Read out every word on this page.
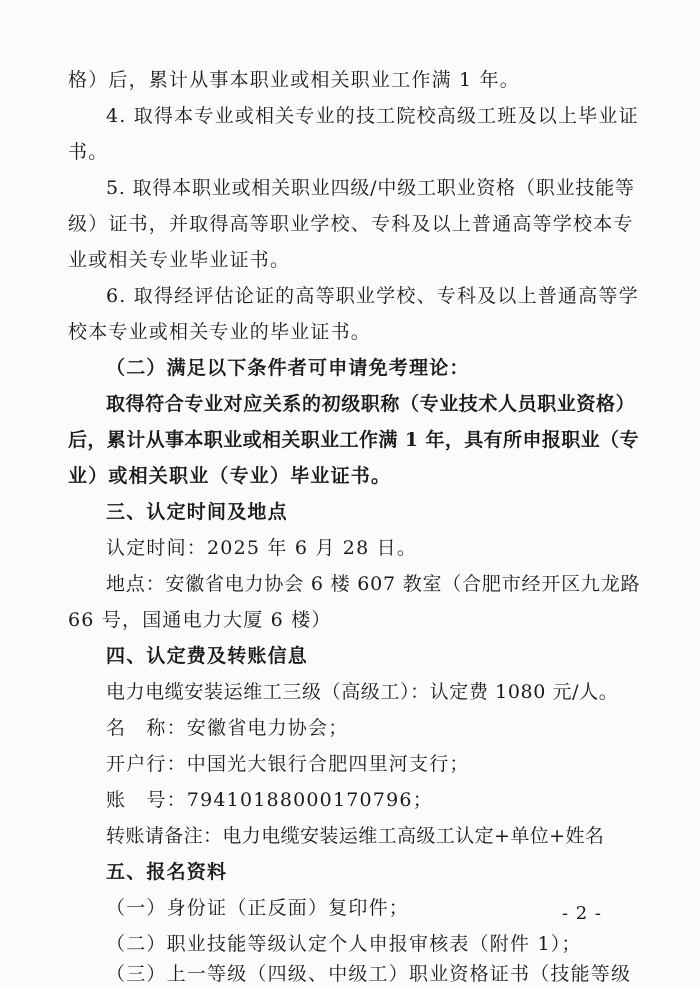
格）后，累计从事本职业或相关职业工作满 1 年。
4. 取得本专业或相关专业的技工院校高级工班及以上毕业证
书。
5. 取得本职业或相关职业四级/中级工职业资格（职业技能等
级）证书，并取得高等职业学校、专科及以上普通高等学校本专
业或相关专业毕业证书。
6. 取得经评估论证的高等职业学校、专科及以上普通高等学
校本专业或相关专业的毕业证书。
（二）满足以下条件者可申请免考理论：
取得符合专业对应关系的初级职称（专业技术人员职业资格）
后，累计从事本职业或相关职业工作满 1 年，具有所申报职业（专
业）或相关职业（专业）毕业证书。
三、认定时间及地点
认定时间：2025 年 6 月 28 日。
地点：安徽省电力协会 6 楼 607 教室（合肥市经开区九龙路
66 号，国通电力大厦 6 楼）
四、认定费及转账信息
电力电缆安装运维工三级（高级工）：认定费 1080 元/人。
名　称：安徽省电力协会；
开户行：中国光大银行合肥四里河支行；
账　号：79410188000170796；
转账请备注：电力电缆安装运维工高级工认定+单位+姓名
五、报名资料
（一）身份证（正反面）复印件；
（二）职业技能等级认定个人申报审核表（附件 1）；
（三）上一等级（四级、中级工）职业资格证书（技能等级
- 2 -
